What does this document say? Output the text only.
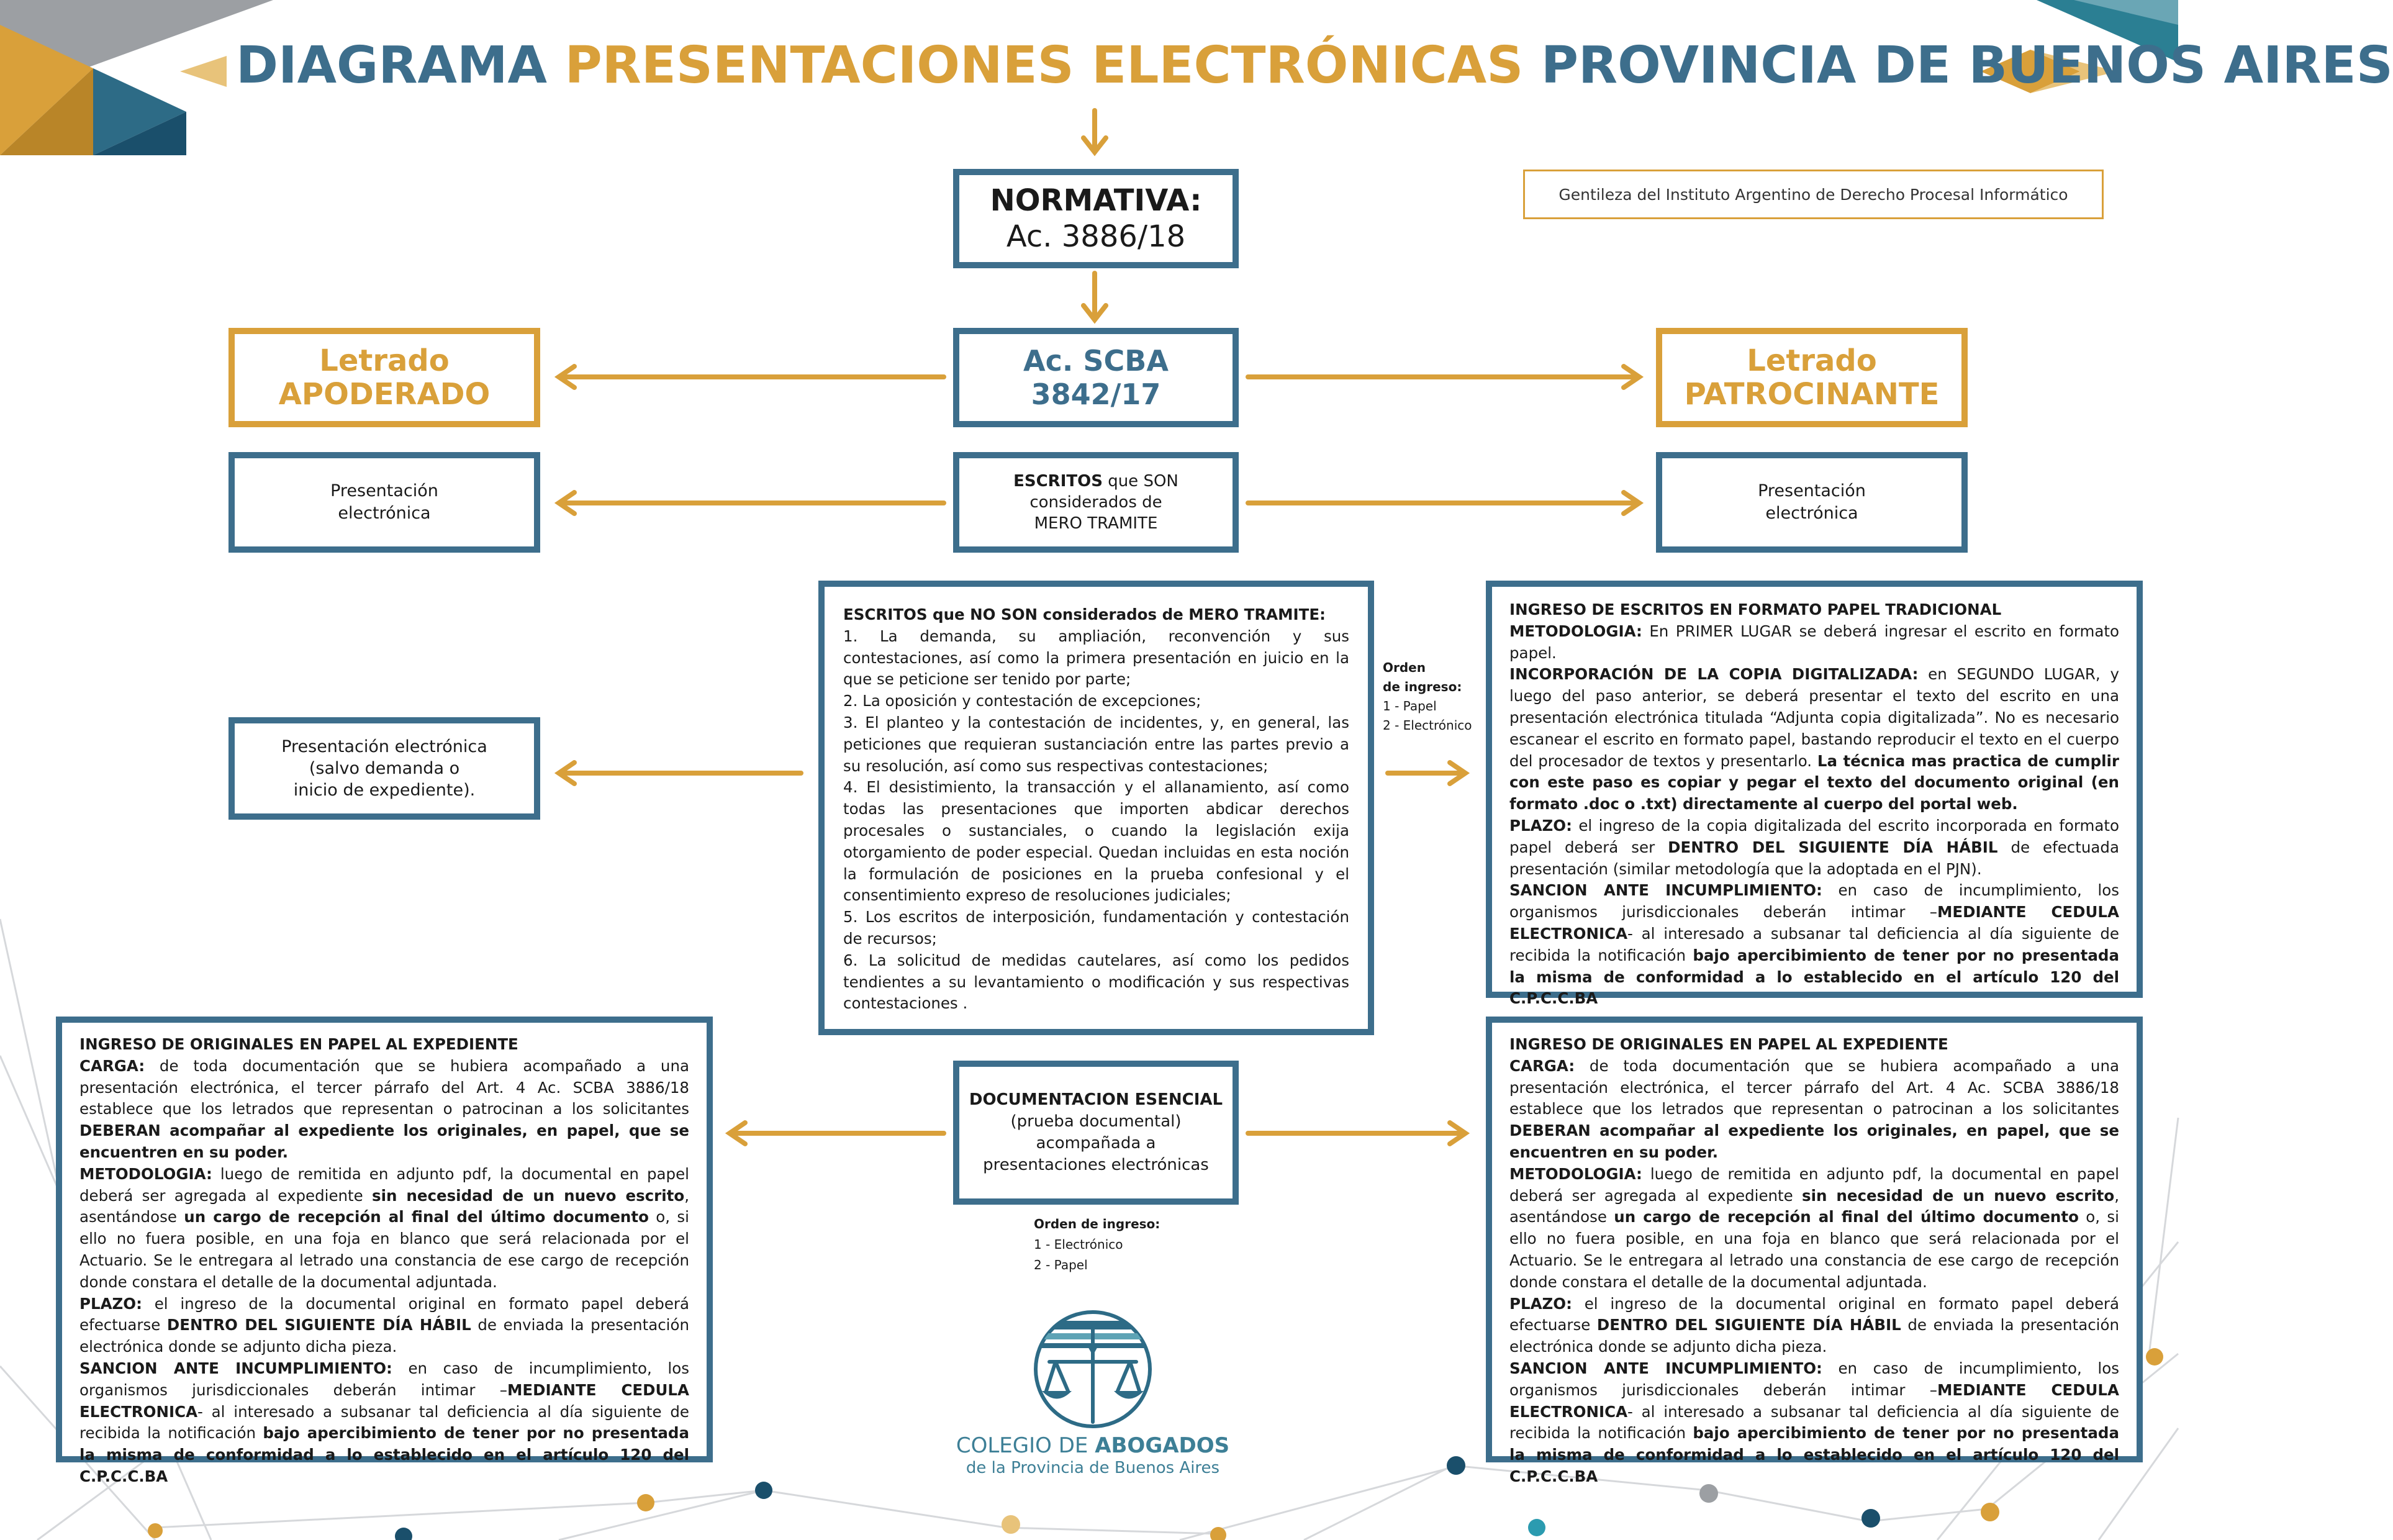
DIAGRAMA PRESENTACIONES ELECTRÓNICAS PROVINCIA DE BUENOS AIRES
Gentileza del Instituto Argentino de Derecho Procesal Informático
NORMATIVA:
Ac. 3886/18
Ac. SCBA
3842/17
Letrado
APODERADO
Letrado
PATROCINANTE
ESCRITOS que SON
considerados de
MERO TRAMITE
Presentación
electrónica
Presentación
electrónica
Presentación electrónica
(salvo demanda o
inicio de expediente).
ESCRITOS que NO SON considerados de MERO TRAMITE:
1. La demanda, su ampliación, reconvención y sus contestaciones, así como la primera presentación en juicio en la que se peticione ser tenido por parte;
2. La oposición y contestación de excepciones;
3. El planteo y la contestación de incidentes, y, en general, las peticiones que requieran sustanciación entre las partes previo a su resolución, así como sus respectivas contestaciones;
4. El desistimiento, la transacción y el allanamiento, así como todas las presentaciones que importen abdicar derechos procesales o sustanciales, o cuando la legislación exija otorgamiento de poder especial. Quedan incluidas en esta noción la formulación de posiciones en la prueba confesional y el consentimiento expreso de resoluciones judiciales;
5. Los escritos de interposición, fundamentación y contestación de recursos;
6. La solicitud de medidas cautelares, así como los pedidos tendientes a su levantamiento o modificación y sus respectivas contestaciones .
Orden
de ingreso:
1 - Papel
2 - Electrónico
INGRESO DE ESCRITOS EN FORMATO PAPEL TRADICIONAL
METODOLOGIA: En PRIMER LUGAR se deberá ingresar el escrito en formato papel.
INCORPORACIÓN DE LA COPIA DIGITALIZADA: en SEGUNDO LUGAR, y luego del paso anterior, se deberá presentar el texto del escrito en una presentación electrónica titulada “Adjunta copia digitalizada”. No es necesario escanear el escrito en formato papel, bastando reproducir el texto en el cuerpo del procesador de textos y presentarlo. La técnica mas practica de cumplir con este paso es copiar y pegar el texto del documento original (en formato .doc o .txt) directamente al cuerpo del portal web.
PLAZO: el ingreso de la copia digitalizada del escrito incorporada en formato papel deberá ser DENTRO DEL SIGUIENTE DÍA HÁBIL de efectuada presentación (similar metodología que la adoptada en el PJN).
SANCION ANTE INCUMPLIMIENTO: en caso de incumplimiento, los organismos jurisdiccionales deberán intimar –MEDIANTE CEDULA ELECTRONICA- al interesado a subsanar tal deficiencia al día siguiente de recibida la notificación bajo apercibimiento de tener por no presentada la misma de conformidad a lo establecido en el artículo 120 del C.P.C.C.BA
INGRESO DE ORIGINALES EN PAPEL AL EXPEDIENTE
CARGA: de toda documentación que se hubiera acompañado a una presentación electrónica, el tercer párrafo del Art. 4 Ac. SCBA 3886/18 establece que los letrados que representan o patrocinan a los solicitantes DEBERAN acompañar al expediente los originales, en papel, que se encuentren en su poder.
METODOLOGIA: luego de remitida en adjunto pdf, la documental en papel deberá ser agregada al expediente sin necesidad de un nuevo escrito, asentándose un cargo de recepción al final del último documento o, si ello no fuera posible, en una foja en blanco que será relacionada por el Actuario. Se le entregara al letrado una constancia de ese cargo de recepción donde constara el detalle de la documental adjuntada.
PLAZO: el ingreso de la documental original en formato papel deberá efectuarse DENTRO DEL SIGUIENTE DÍA HÁBIL de enviada la presentación electrónica donde se adjunto dicha pieza.
SANCION ANTE INCUMPLIMIENTO: en caso de incumplimiento, los organismos jurisdiccionales deberán intimar –MEDIANTE CEDULA ELECTRONICA- al interesado a subsanar tal deficiencia al día siguiente de recibida la notificación bajo apercibimiento de tener por no presentada la misma de conformidad a lo establecido en el artículo 120 del C.P.C.C.BA
INGRESO DE ORIGINALES EN PAPEL AL EXPEDIENTE
CARGA: de toda documentación que se hubiera acompañado a una presentación electrónica, el tercer párrafo del Art. 4 Ac. SCBA 3886/18 establece que los letrados que representan o patrocinan a los solicitantes DEBERAN acompañar al expediente los originales, en papel, que se encuentren en su poder.
METODOLOGIA: luego de remitida en adjunto pdf, la documental en papel deberá ser agregada al expediente sin necesidad de un nuevo escrito, asentándose un cargo de recepción al final del último documento o, si ello no fuera posible, en una foja en blanco que será relacionada por el Actuario. Se le entregara al letrado una constancia de ese cargo de recepción donde constara el detalle de la documental adjuntada.
PLAZO: el ingreso de la documental original en formato papel deberá efectuarse DENTRO DEL SIGUIENTE DÍA HÁBIL de enviada la presentación electrónica donde se adjunto dicha pieza.
SANCION ANTE INCUMPLIMIENTO: en caso de incumplimiento, los organismos jurisdiccionales deberán intimar –MEDIANTE CEDULA ELECTRONICA- al interesado a subsanar tal deficiencia al día siguiente de recibida la notificación bajo apercibimiento de tener por no presentada la misma de conformidad a lo establecido en el artículo 120 del C.P.C.C.BA
DOCUMENTACION ESENCIAL
(prueba documental)
acompañada a
presentaciones electrónicas
Orden de ingreso:
1 - Electrónico
2 - Papel
COLEGIO DE ABOGADOS
de la Provincia de Buenos Aires
